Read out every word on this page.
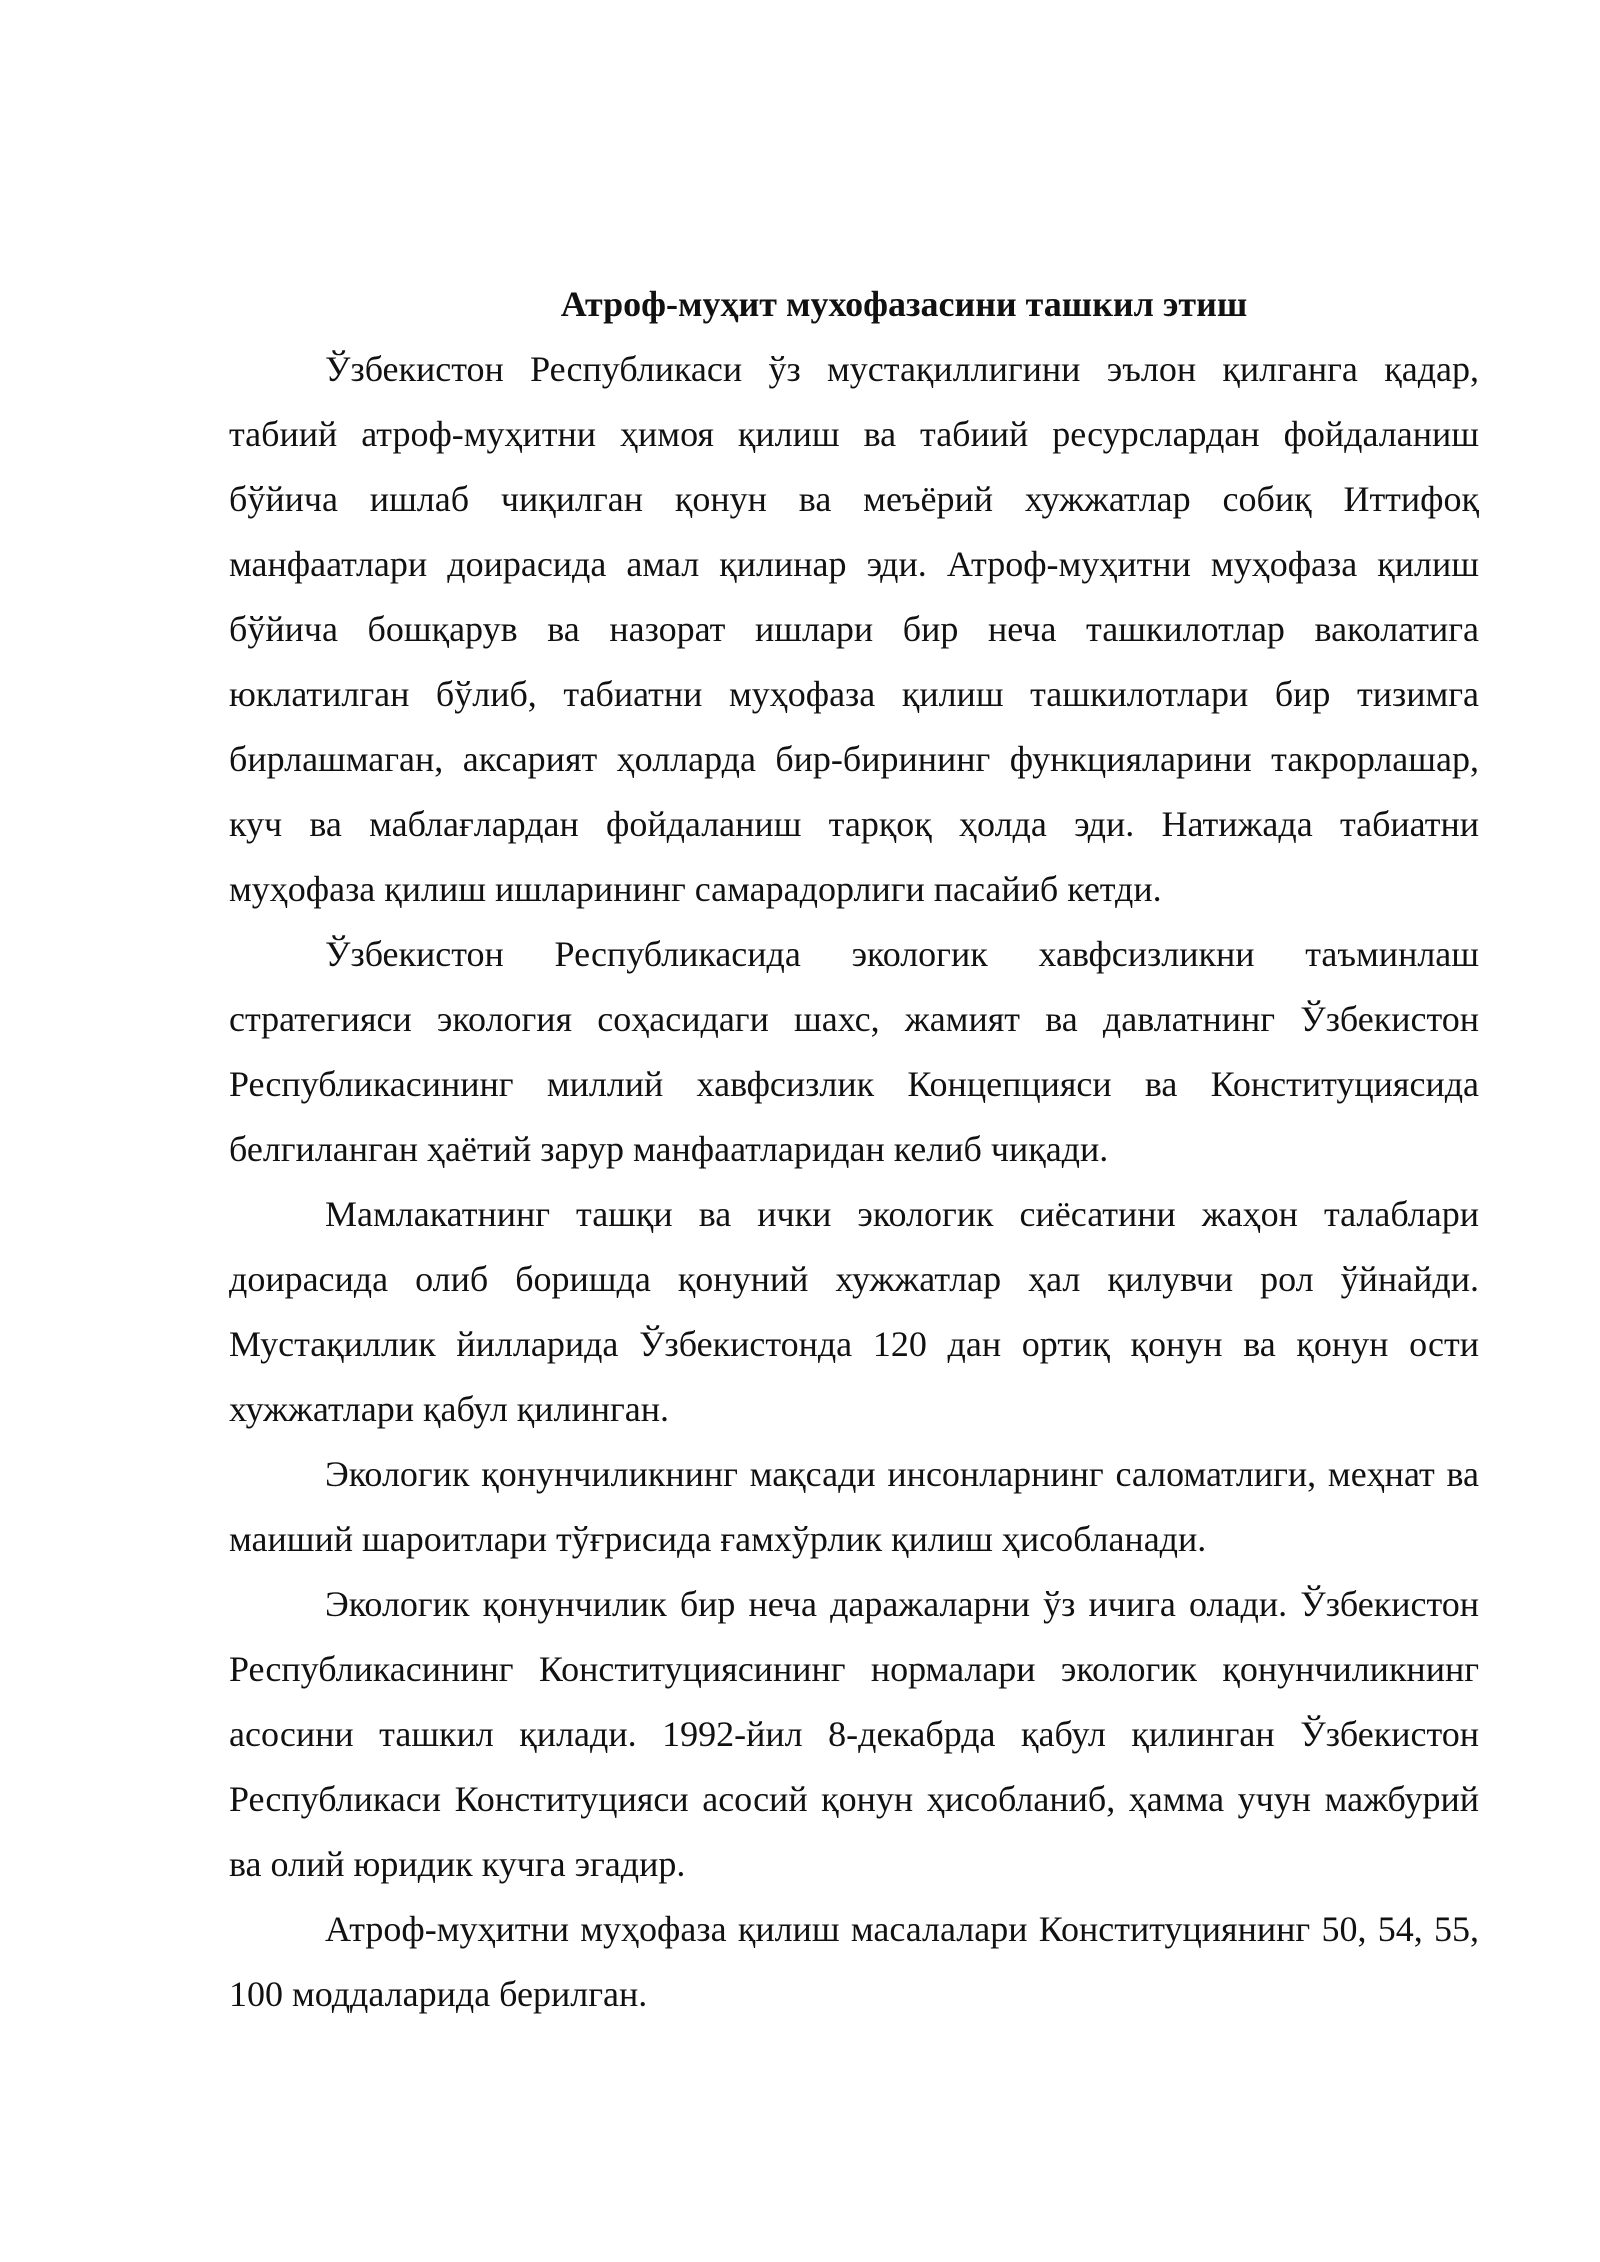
Атроф-муҳит мухофазасини ташкил этиш

Ўзбекистон Республикаси ўз мустақиллигини эълон қилганга қадар, табиий атроф-муҳитни ҳимоя қилиш ва табиий ресурслардан фойдаланиш бўйича ишлаб чиқилган қонун ва меъёрий хужжатлар собиқ Иттифоқ манфаатлари доирасида амал қилинар эди. Атроф-муҳитни муҳофаза қилиш бўйича бошқарув ва назорат ишлари бир неча ташкилотлар ваколатига юклатилган бўлиб, табиатни муҳофаза қилиш ташкилотлари бир тизимга бирлашмаган, аксарият ҳолларда бир-бирининг функцияларини такрорлашар, куч ва маблағлардан фойдаланиш тарқоқ ҳолда эди. Натижада табиатни муҳофаза қилиш ишларининг самарадорлиги пасайиб кетди.

Ўзбекистон Республикасида экологик хавфсизликни таъминлаш стратегияси экология соҳасидаги шахс, жамият ва давлатнинг Ўзбекистон Республикасининг миллий хавфсизлик Концепцияси ва Конституциясида белгиланган ҳаётий зарур манфаатларидан келиб чиқади.

Мамлакатнинг ташқи ва ички экологик сиёсатини жаҳон талаблари доирасида олиб боришда қонуний хужжатлар ҳал қилувчи рол ўйнайди. Мустақиллик йилларида Ўзбекистонда 120 дан ортиқ қонун ва қонун ости хужжатлари қабул қилинган.

Экологик қонунчиликнинг мақсади инсонларнинг саломатлиги, меҳнат ва маиший шароитлари тўғрисида ғамхўрлик қилиш ҳисобланади.

Экологик қонунчилик бир неча даражаларни ўз ичига олади. Ўзбекистон Республикасининг Конституциясининг нормалари экологик қонунчиликнинг асосини ташкил қилади. 1992-йил 8-декабрда қабул қилинган Ўзбекистон Республикаси Конституцияси асосий қонун ҳисобланиб, ҳамма учун мажбурий ва олий юридик кучга эгадир.

Атроф-муҳитни муҳофаза қилиш масалалари Конституциянинг 50, 54, 55, 100 моддаларида берилган.
